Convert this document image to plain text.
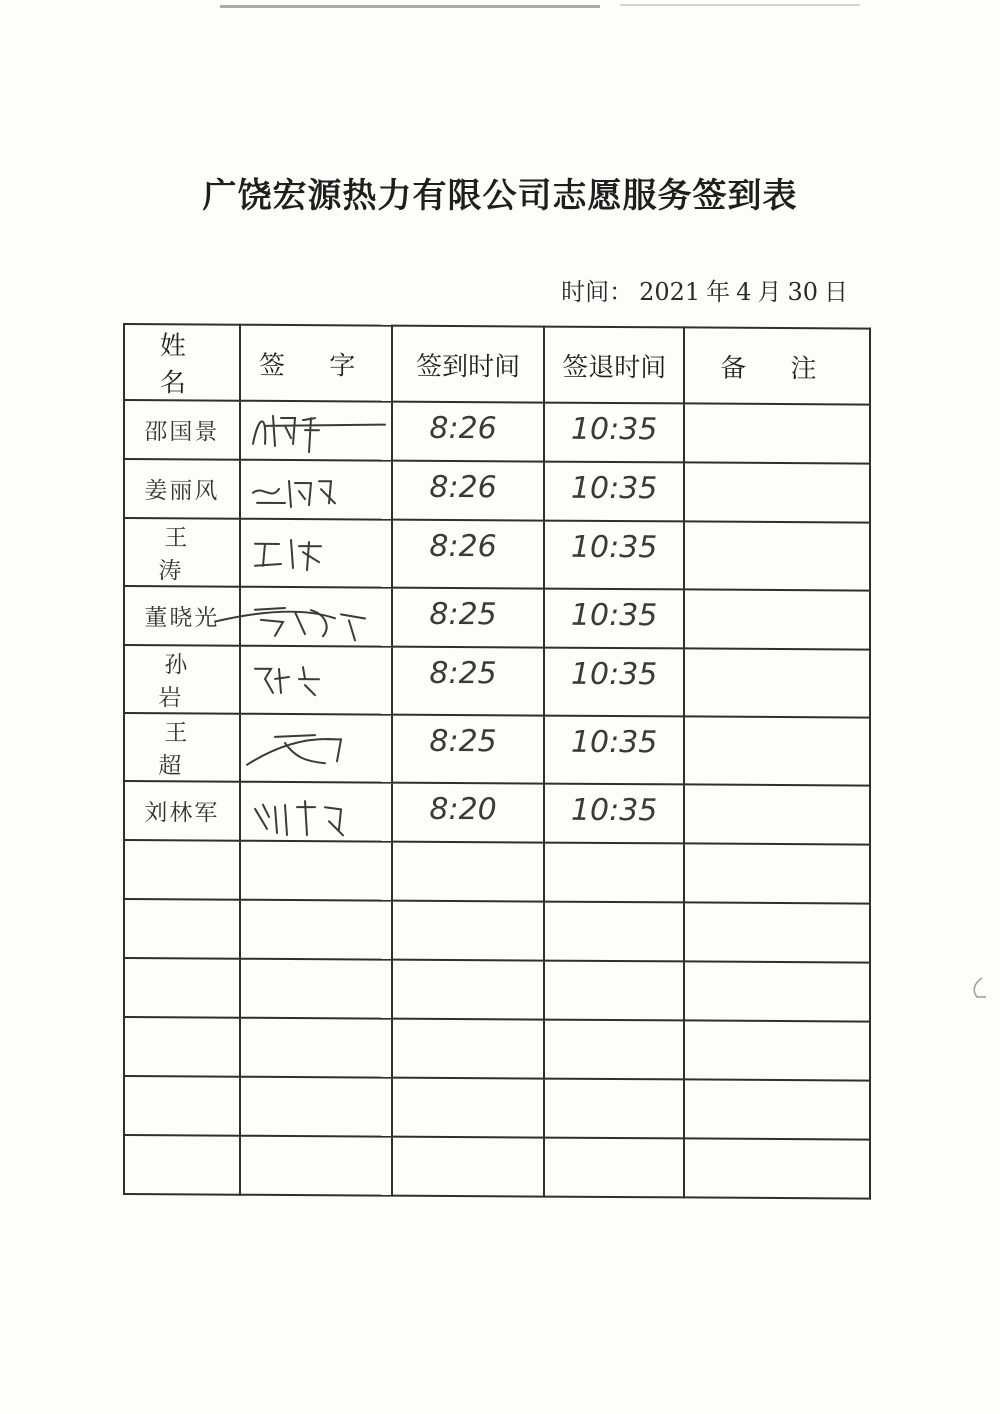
广饶宏源热力有限公司志愿服务签到表
时间： 2021 年 4 月 30 日
姓 名	签 字	签到时间	签退时间	备 注
邵国景		8:26	10:35	

姜丽风		8:26	10:35	

王 涛		8:26	10:35	

董晓光		8:25	10:35	

孙 岩		8:25	10:35	

王 超		8:25	10:35	

刘林军		8:20	10:35	
